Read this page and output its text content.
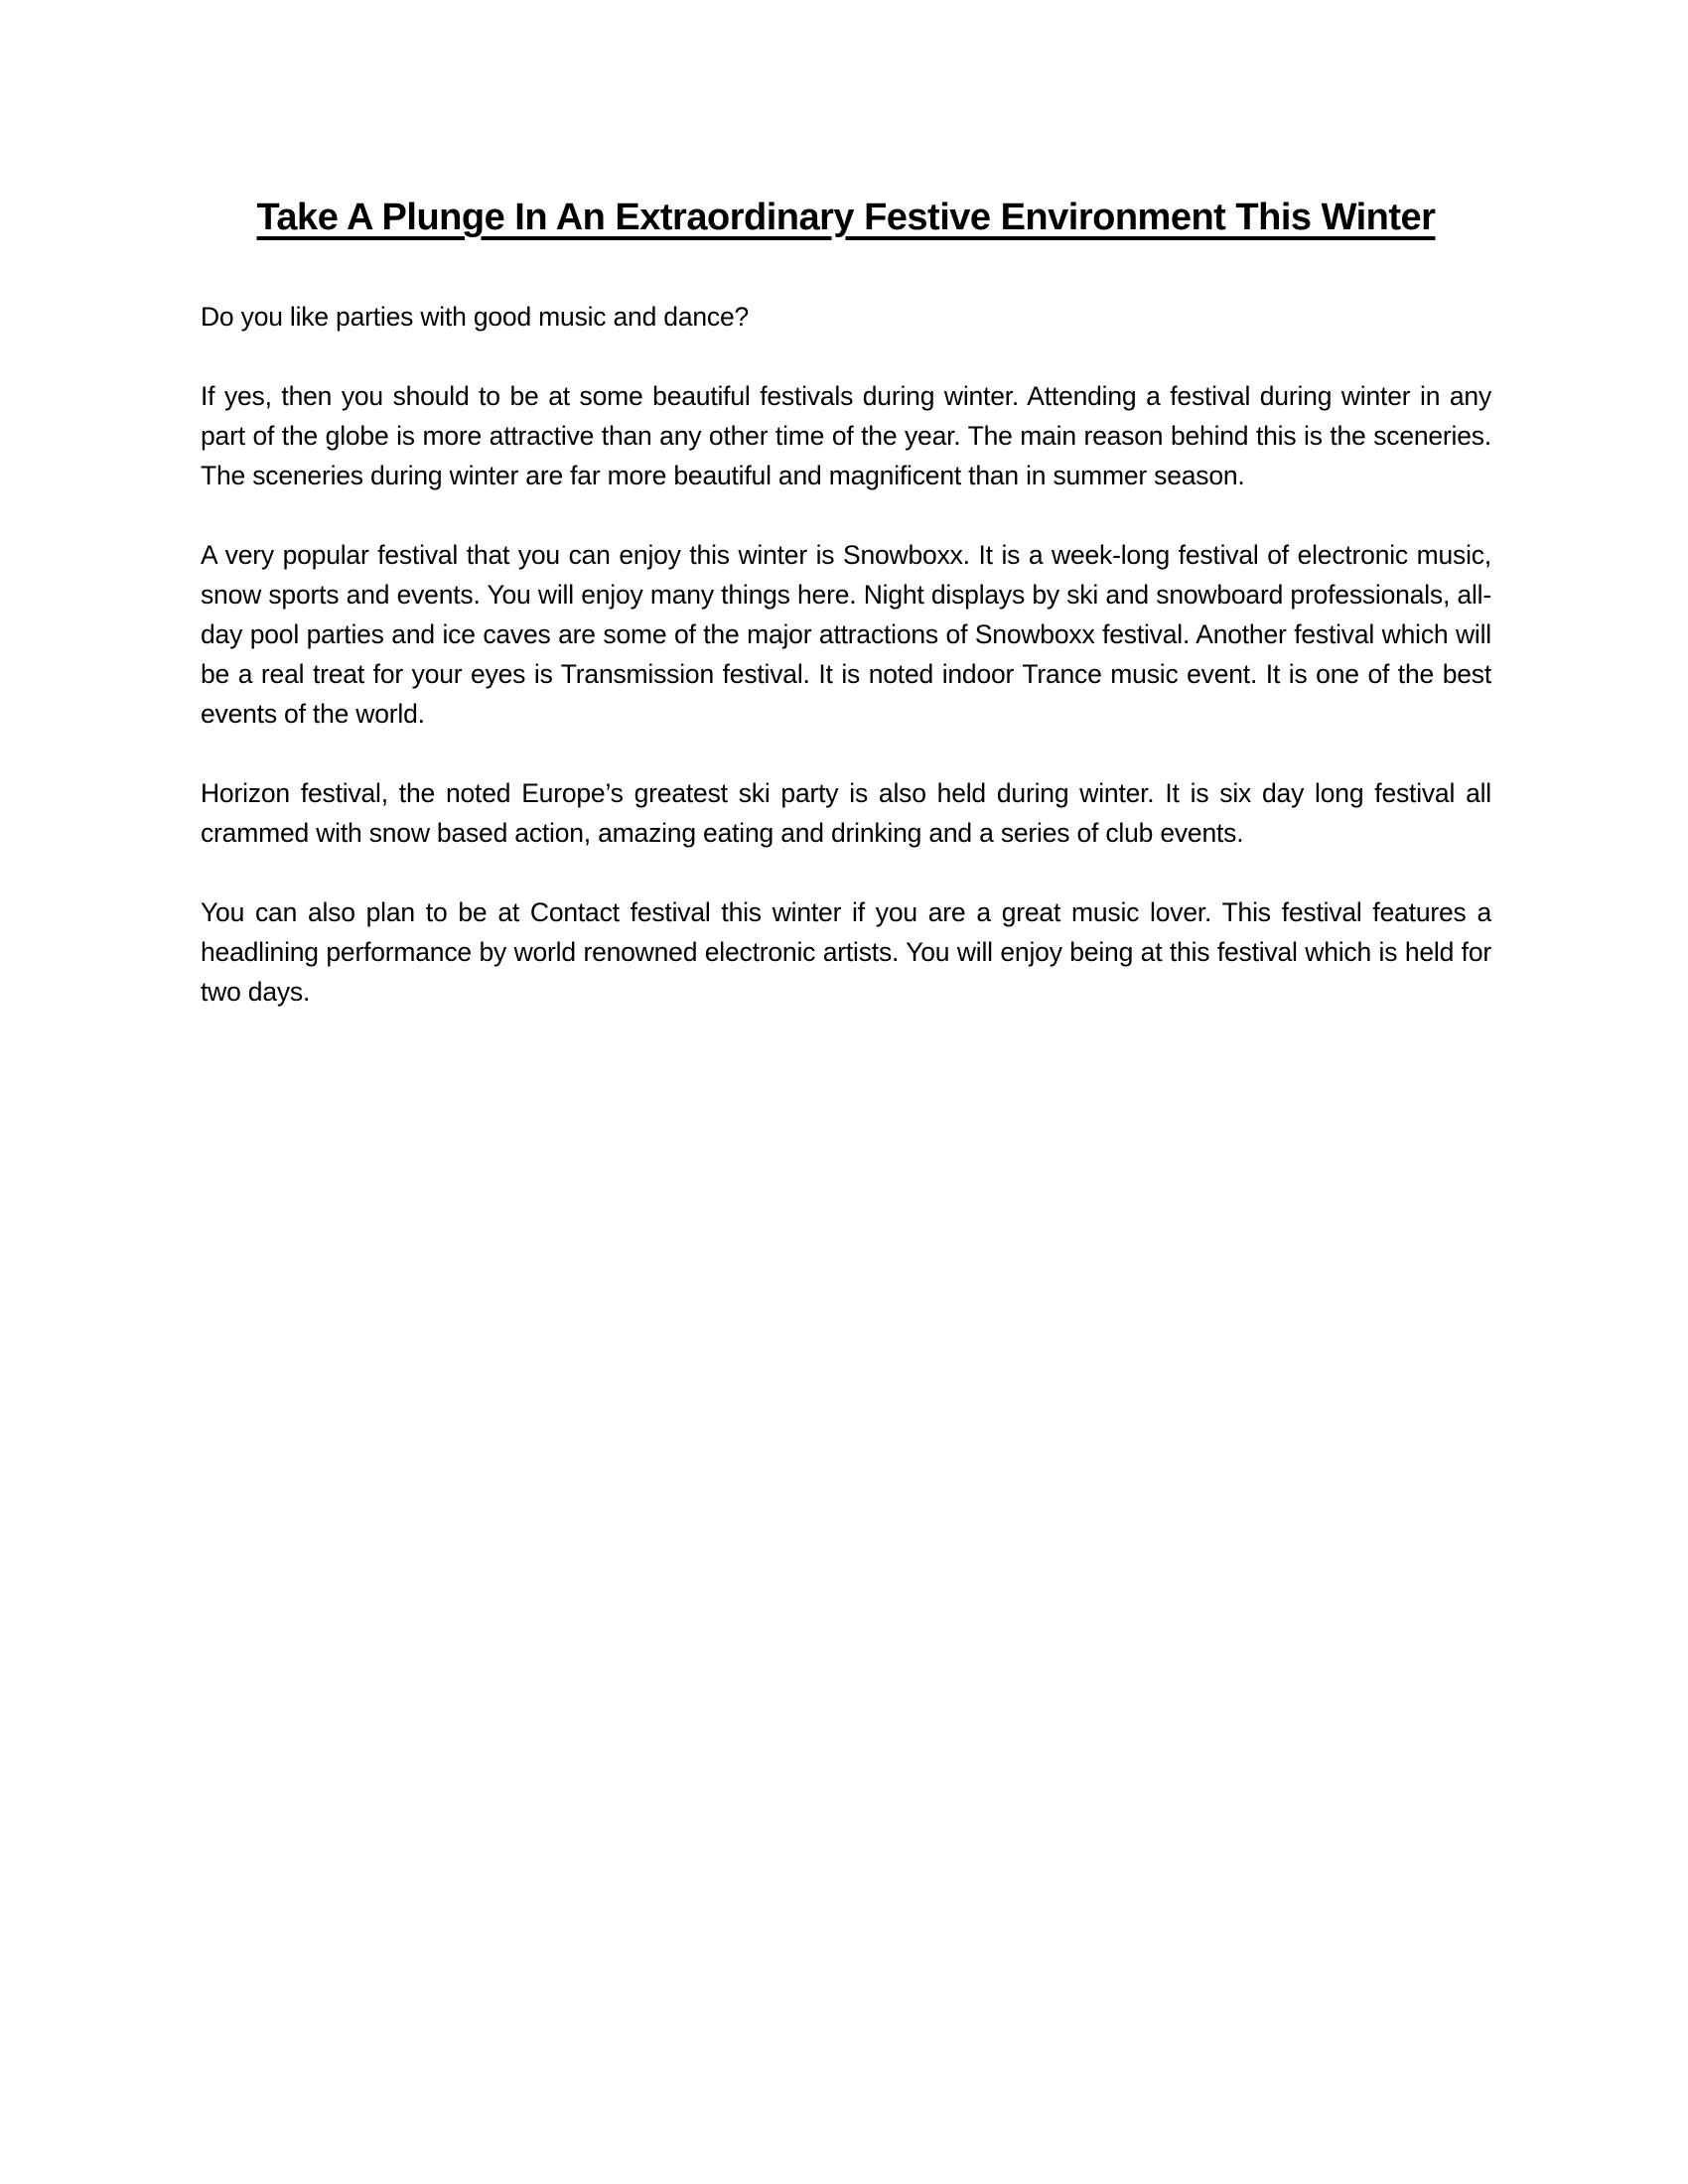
Take A Plunge In An Extraordinary Festive Environment This Winter

Do you like parties with good music and dance?

If yes, then you should to be at some beautiful festivals during winter. Attending a festival during winter in any part of the globe is more attractive than any other time of the year. The main reason behind this is the sceneries. The sceneries during winter are far more beautiful and magnificent than in summer season.

A very popular festival that you can enjoy this winter is Snowboxx. It is a week-long festival of electronic music, snow sports and events. You will enjoy many things here. Night displays by ski and snowboard professionals, all-day pool parties and ice caves are some of the major attractions of Snowboxx festival. Another festival which will be a real treat for your eyes is Transmission festival. It is noted indoor Trance music event. It is one of the best events of the world.

Horizon festival, the noted Europe’s greatest ski party is also held during winter. It is six day long festival all crammed with snow based action, amazing eating and drinking and a series of club events.

You can also plan to be at Contact festival this winter if you are a great music lover. This festival features a headlining performance by world renowned electronic artists. You will enjoy being at this festival which is held for two days.
